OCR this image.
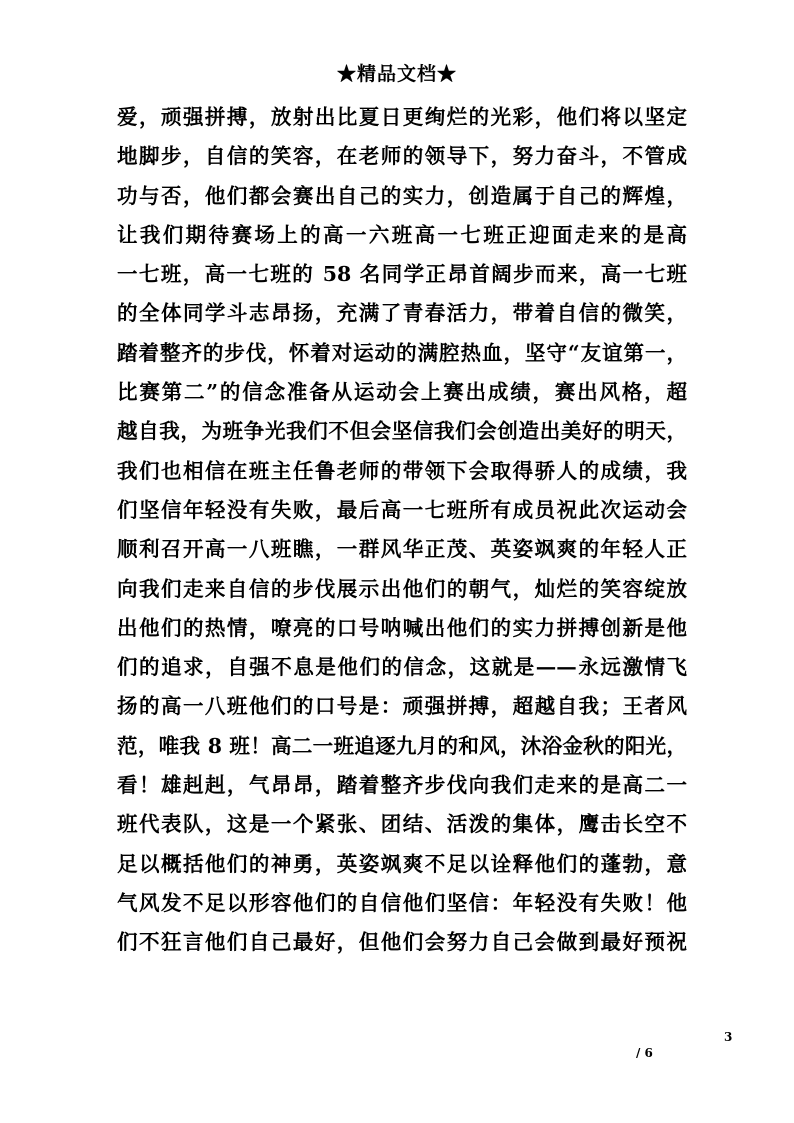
★精品文档★
爱，顽强拼搏，放射出比夏日更绚烂的光彩，他们将以坚定
地脚步，自信的笑容，在老师的领导下，努力奋斗，不管成
功与否，他们都会赛出自己的实力，创造属于自己的辉煌，
让我们期待赛场上的高一六班高一七班正迎面走来的是高
一七班，高一七班的 58 名同学正昂首阔步而来，高一七班
的全体同学斗志昂扬，充满了青春活力，带着自信的微笑，
踏着整齐的步伐，怀着对运动的满腔热血，坚守“友谊第一，
比赛第二”的信念准备从运动会上赛出成绩，赛出风格，超
越自我，为班争光我们不但会坚信我们会创造出美好的明天，
我们也相信在班主任鲁老师的带领下会取得骄人的成绩，我
们坚信年轻没有失败，最后高一七班所有成员祝此次运动会
顺利召开高一八班瞧，一群风华正茂、英姿飒爽的年轻人正
向我们走来自信的步伐展示出他们的朝气，灿烂的笑容绽放
出他们的热情，嘹亮的口号呐喊出他们的实力拼搏创新是他
们的追求，自强不息是他们的信念，这就是——永远激情飞
扬的高一八班他们的口号是：顽强拼搏，超越自我；王者风
范，唯我 8 班！高二一班追逐九月的和风，沐浴金秋的阳光，
看！雄赳赳，气昂昂，踏着整齐步伐向我们走来的是高二一
班代表队，这是一个紧张、团结、活泼的集体，鹰击长空不
足以概括他们的神勇，英姿飒爽不足以诠释他们的蓬勃，意
气风发不足以形容他们的自信他们坚信：年轻没有失败！他
们不狂言他们自己最好，但他们会努力自己会做到最好预祝
3
/ 6
